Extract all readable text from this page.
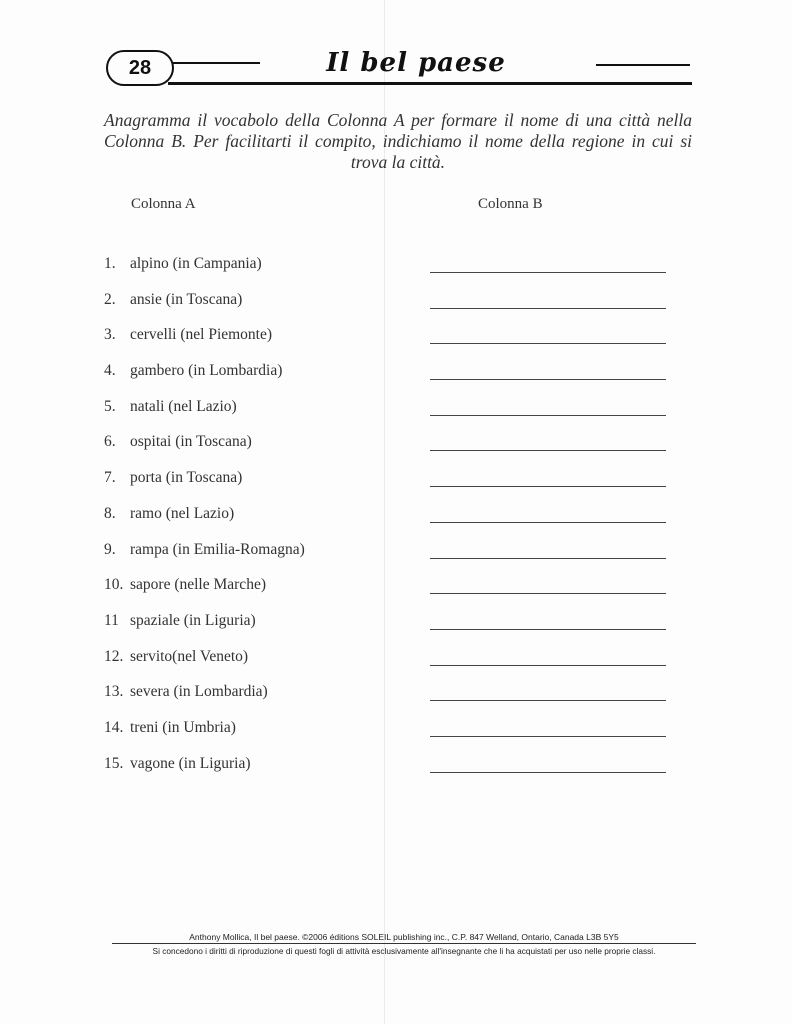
28	Il bel paese
Anagramma il vocabolo della Colonna A per formare il nome di una città nella Colonna B. Per facilitarti il compito, indichiamo il nome della regione in cui si trova la città.
Colonna A	Colonna B
1. alpino (in Campania)
2. ansie (in Toscana)
3. cervelli (nel Piemonte)
4. gambero (in Lombardia)
5. natali (nel Lazio)
6. ospitai (in Toscana)
7. porta (in Toscana)
8. ramo (nel Lazio)
9. rampa (in Emilia-Romagna)
10. sapore (nelle Marche)
11 spaziale (in Liguria)
12. servito(nel Veneto)
13. severa (in Lombardia)
14. treni (in Umbria)
15. vagone (in Liguria)
Anthony Mollica, Il bel paese. ©2006 éditions SOLEIL publishing inc., C.P. 847 Welland, Ontario, Canada L3B 5Y5
Si concedono i diritti di riproduzione di questi fogli di attività esclusivamente all'insegnante che li ha acquistati per uso nelle proprie classi.
